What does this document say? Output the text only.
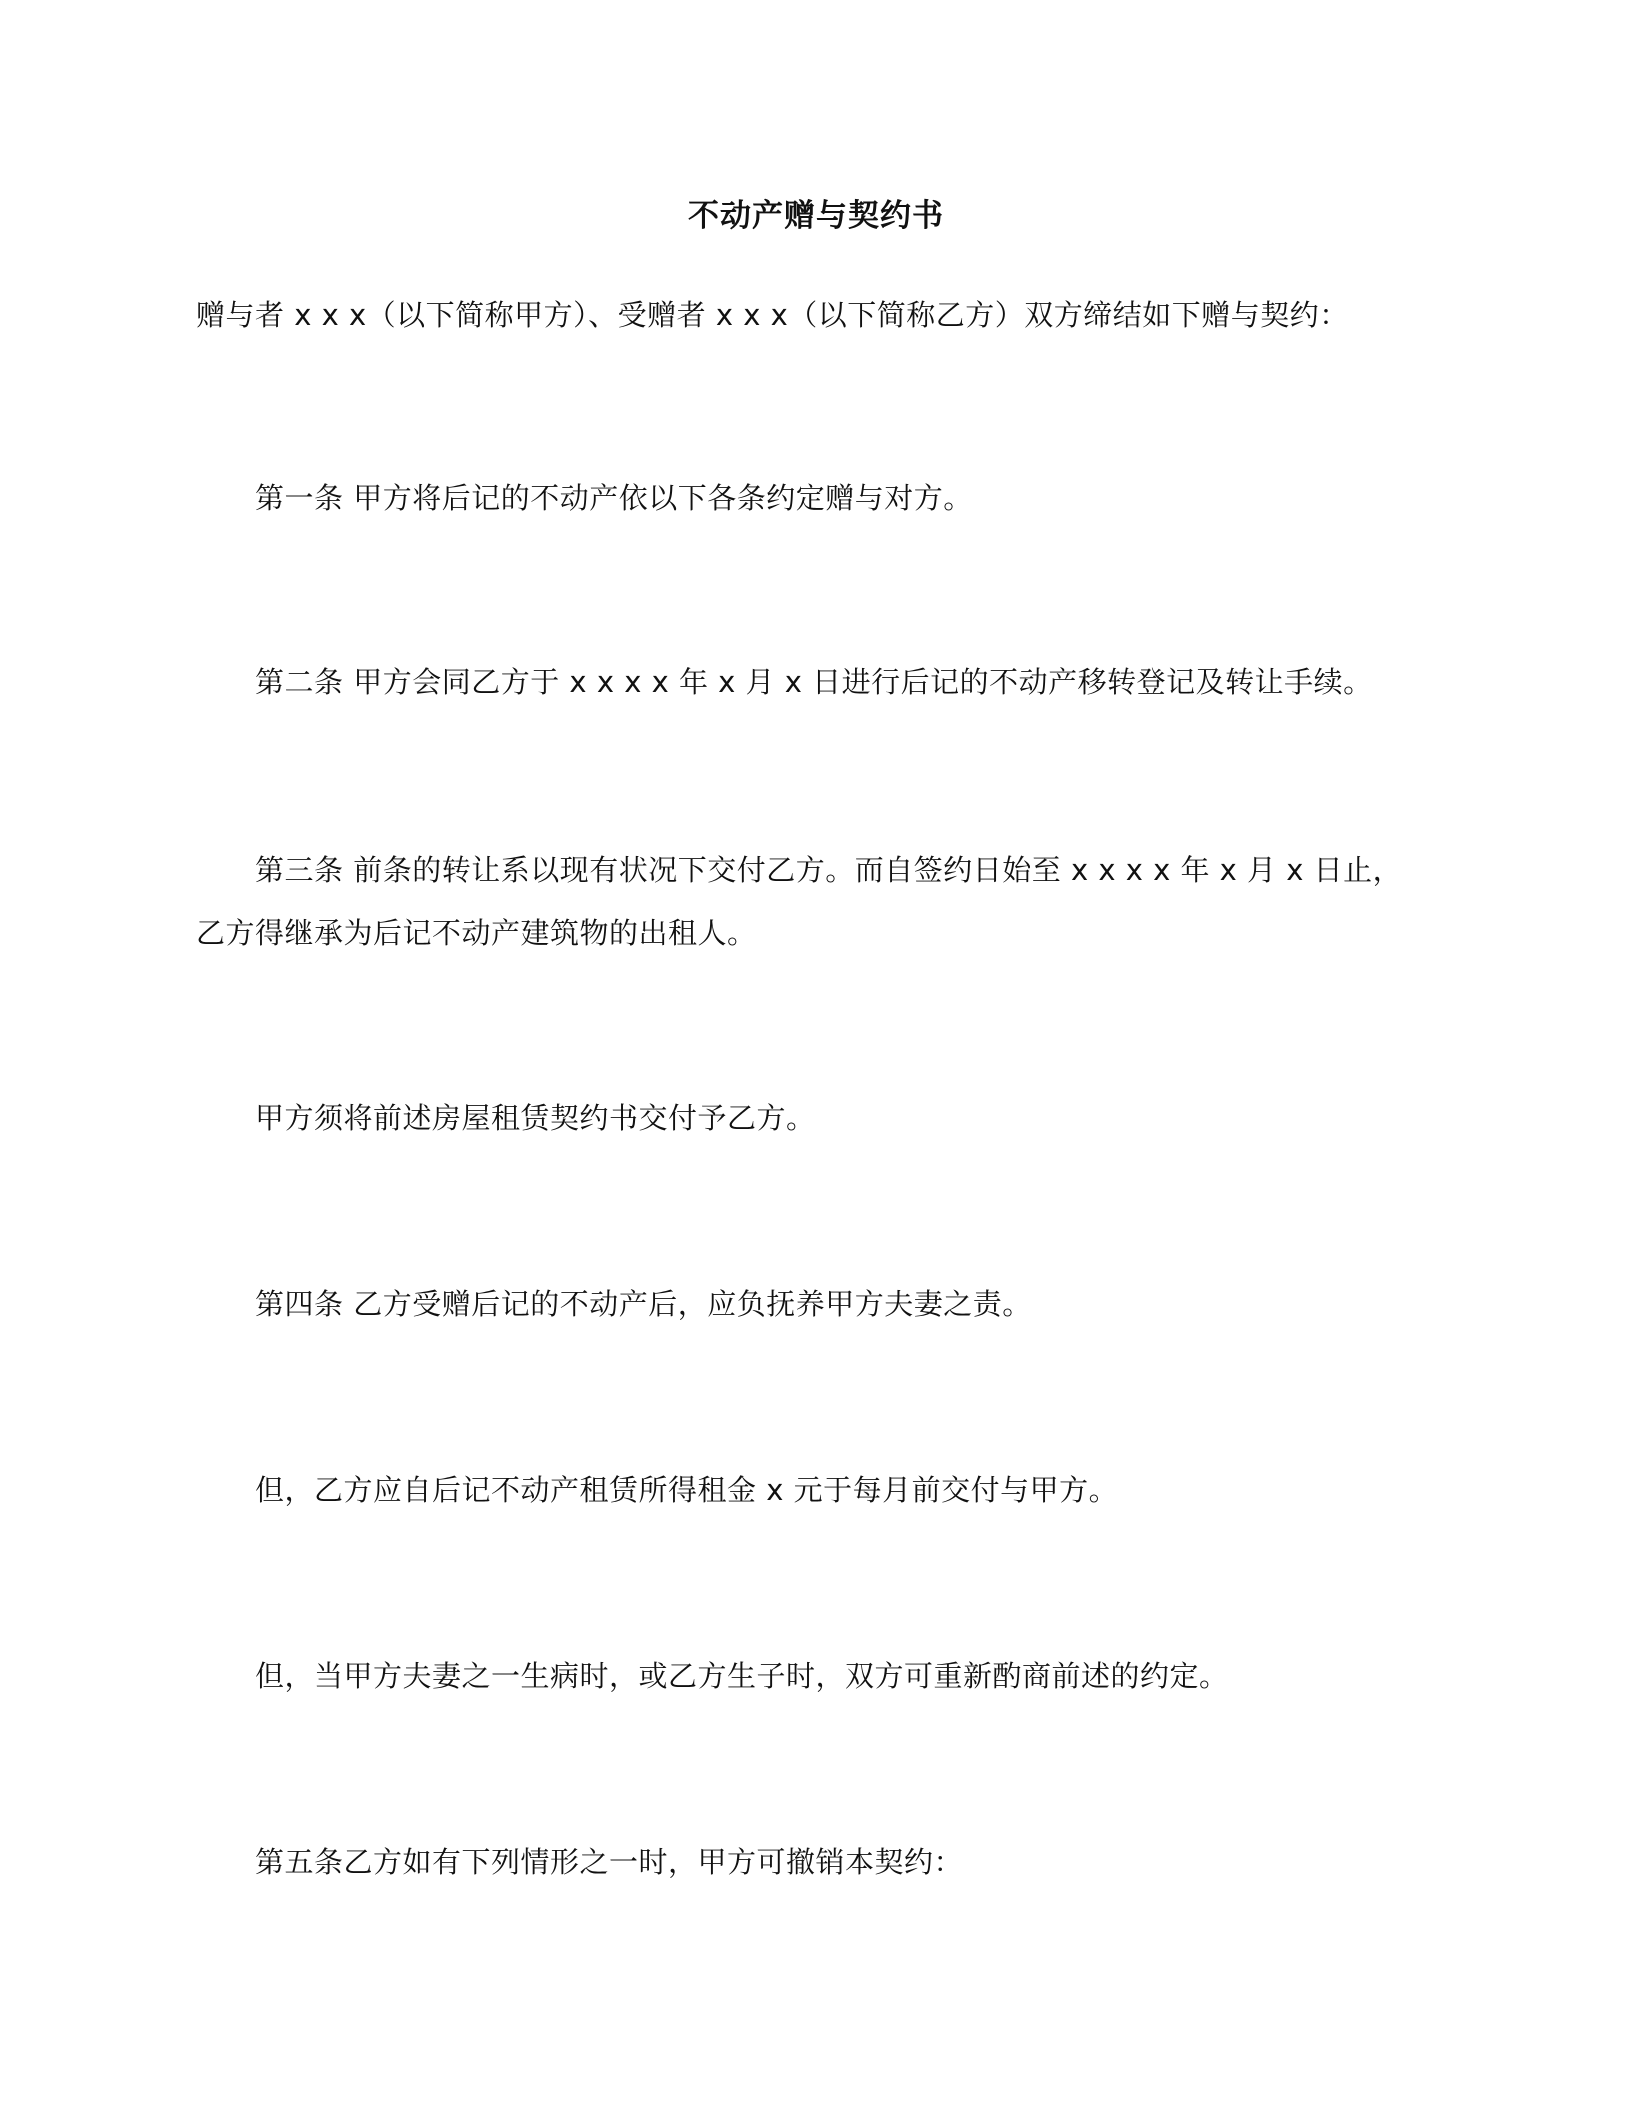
不动产赠与契约书

赠与者 x x x（以下简称甲方）、受赠者 x x x（以下简称乙方）双方缔结如下赠与契约：

第一条 甲方将后记的不动产依以下各条约定赠与对方。

第二条 甲方会同乙方于 x x x x 年 x 月 x 日进行后记的不动产移转登记及转让手续。

第三条 前条的转让系以现有状况下交付乙方。而自签约日始至 x x x x 年 x 月 x 日止，

乙方得继承为后记不动产建筑物的出租人。

甲方须将前述房屋租赁契约书交付予乙方。

第四条 乙方受赠后记的不动产后，应负抚养甲方夫妻之责。

但，乙方应自后记不动产租赁所得租金 x 元于每月前交付与甲方。

但，当甲方夫妻之一生病时，或乙方生子时，双方可重新酌商前述的约定。

第五条乙方如有下列情形之一时，甲方可撤销本契约：
